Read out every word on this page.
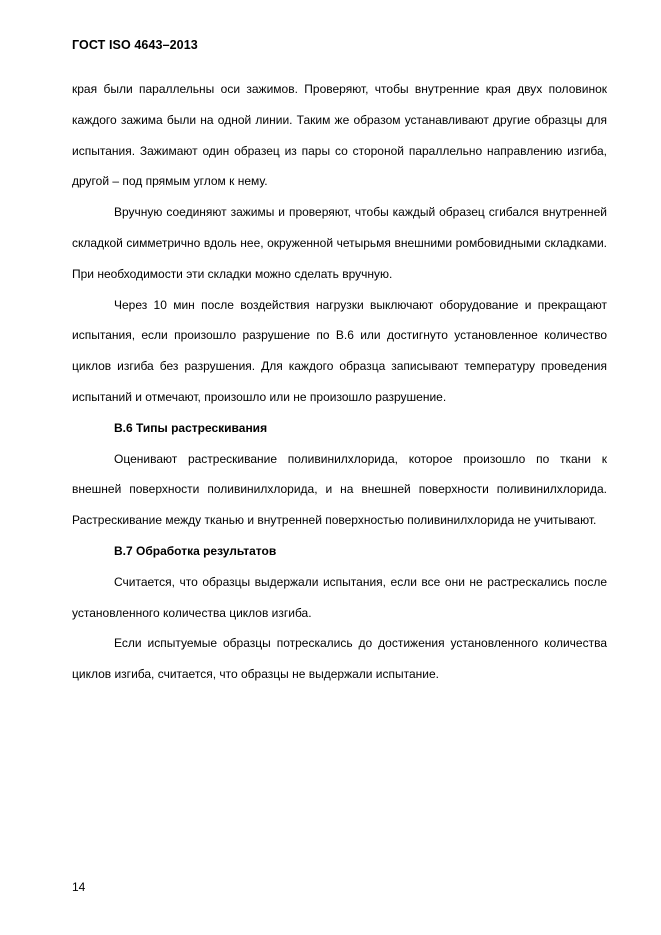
ГОСТ ISO 4643–2013

края были параллельны оси зажимов. Проверяют, чтобы внутренние края двух половинок каждого зажима были на одной линии. Таким же образом устанавливают другие образцы для испытания. Зажимают один образец из пары со стороной параллельно направлению изгиба, другой – под прямым углом к нему.

Вручную соединяют зажимы и проверяют, чтобы каждый образец сгибался внутренней складкой симметрично вдоль нее, окруженной четырьмя внешними ромбовидными складками. При необходимости эти складки можно сделать вручную.

Через 10 мин после воздействия нагрузки выключают оборудование и прекращают испытания, если произошло разрушение по В.6 или достигнуто установленное количество циклов изгиба без разрушения. Для каждого образца записывают температуру проведения испытаний и отмечают, произошло или не произошло разрушение.

В.6 Типы растрескивания

Оценивают растрескивание поливинилхлорида, которое произошло по ткани к внешней поверхности поливинилхлорида, и на внешней поверхности поливинилхлорида. Растрескивание между тканью и внутренней поверхностью поливинилхлорида не учитывают.

В.7 Обработка результатов

Считается, что образцы выдержали испытания, если все они не растрескались после установленного количества циклов изгиба.

Если испытуемые образцы потрескались до достижения установленного количества циклов изгиба, считается, что образцы не выдержали испытание.

14
